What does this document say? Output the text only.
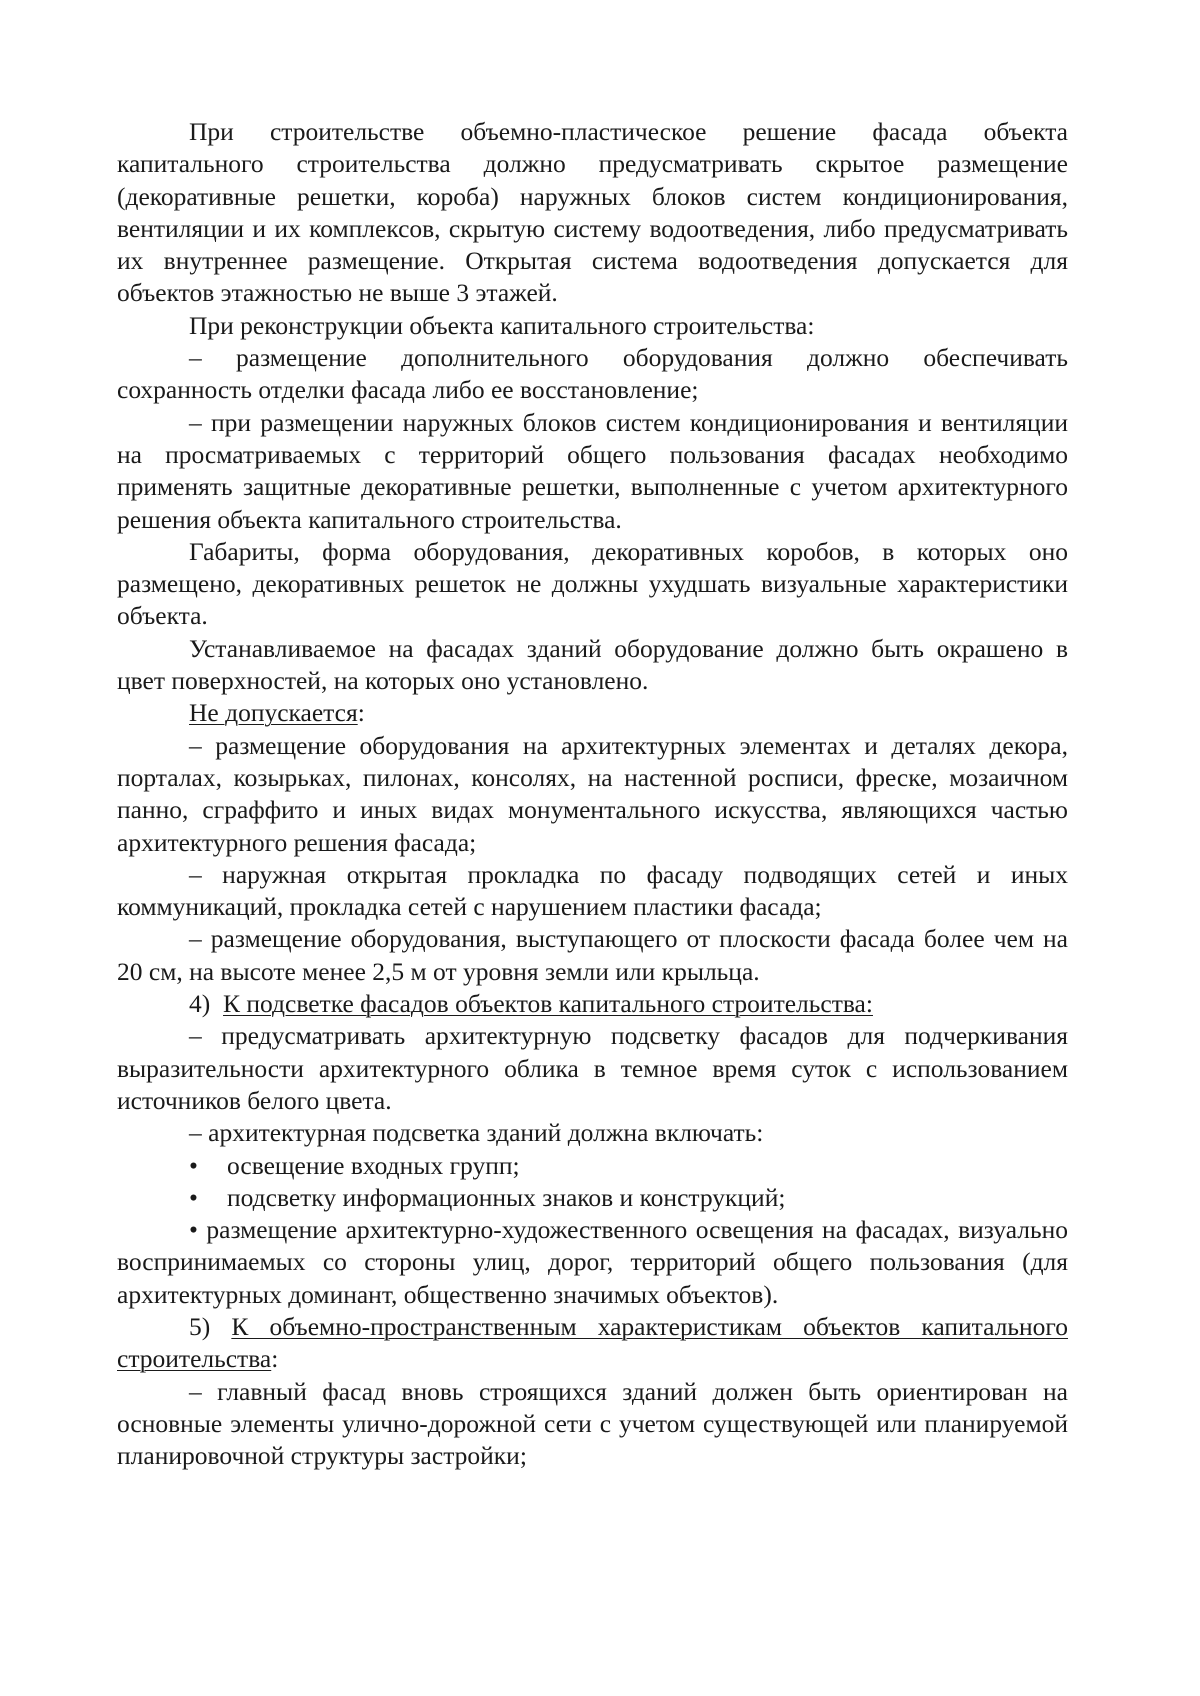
При строительстве объемно-пластическое решение фасада объекта капитального строительства должно предусматривать скрытое размещение (декоративные решетки, короба) наружных блоков систем кондиционирования, вентиляции и их комплексов, скрытую систему водоотведения, либо предусматривать их внутреннее размещение. Открытая система водоотведения допускается для объектов этажностью не выше 3 этажей.

При реконструкции объекта капитального строительства:

– размещение дополнительного оборудования должно обеспечивать сохранность отделки фасада либо ее восстановление;

– при размещении наружных блоков систем кондиционирования и вентиляции на просматриваемых с территорий общего пользования фасадах необходимо применять защитные декоративные решетки, выполненные с учетом архитектурного решения объекта капитального строительства.

Габариты, форма оборудования, декоративных коробов, в которых оно размещено, декоративных решеток не должны ухудшать визуальные характеристики объекта.

Устанавливаемое на фасадах зданий оборудование должно быть окрашено в цвет поверхностей, на которых оно установлено.

Не допускается:

– размещение оборудования на архитектурных элементах и деталях декора, порталах, козырьках, пилонах, консолях, на настенной росписи, фреске, мозаичном панно, сграффито и иных видах монументального искусства, являющихся частью архитектурного решения фасада;

– наружная открытая прокладка по фасаду подводящих сетей и иных коммуникаций, прокладка сетей с нарушением пластики фасада;

– размещение оборудования, выступающего от плоскости фасада более чем на 20 см, на высоте менее 2,5 м от уровня земли или крыльца.

4) К подсветке фасадов объектов капитального строительства:

– предусматривать архитектурную подсветку фасадов для подчеркивания выразительности архитектурного облика в темное время суток с использованием источников белого цвета.

– архитектурная подсветка зданий должна включать:

•	освещение входных групп;
•	подсветку информационных знаков и конструкций;

• размещение архитектурно-художественного освещения на фасадах, визуально воспринимаемых со стороны улиц, дорог, территорий общего пользования (для архитектурных доминант, общественно значимых объектов).

5) К объемно-пространственным характеристикам объектов капитального строительства:

– главный фасад вновь строящихся зданий должен быть ориентирован на основные элементы улично-дорожной сети с учетом существующей или планируемой планировочной структуры застройки;
